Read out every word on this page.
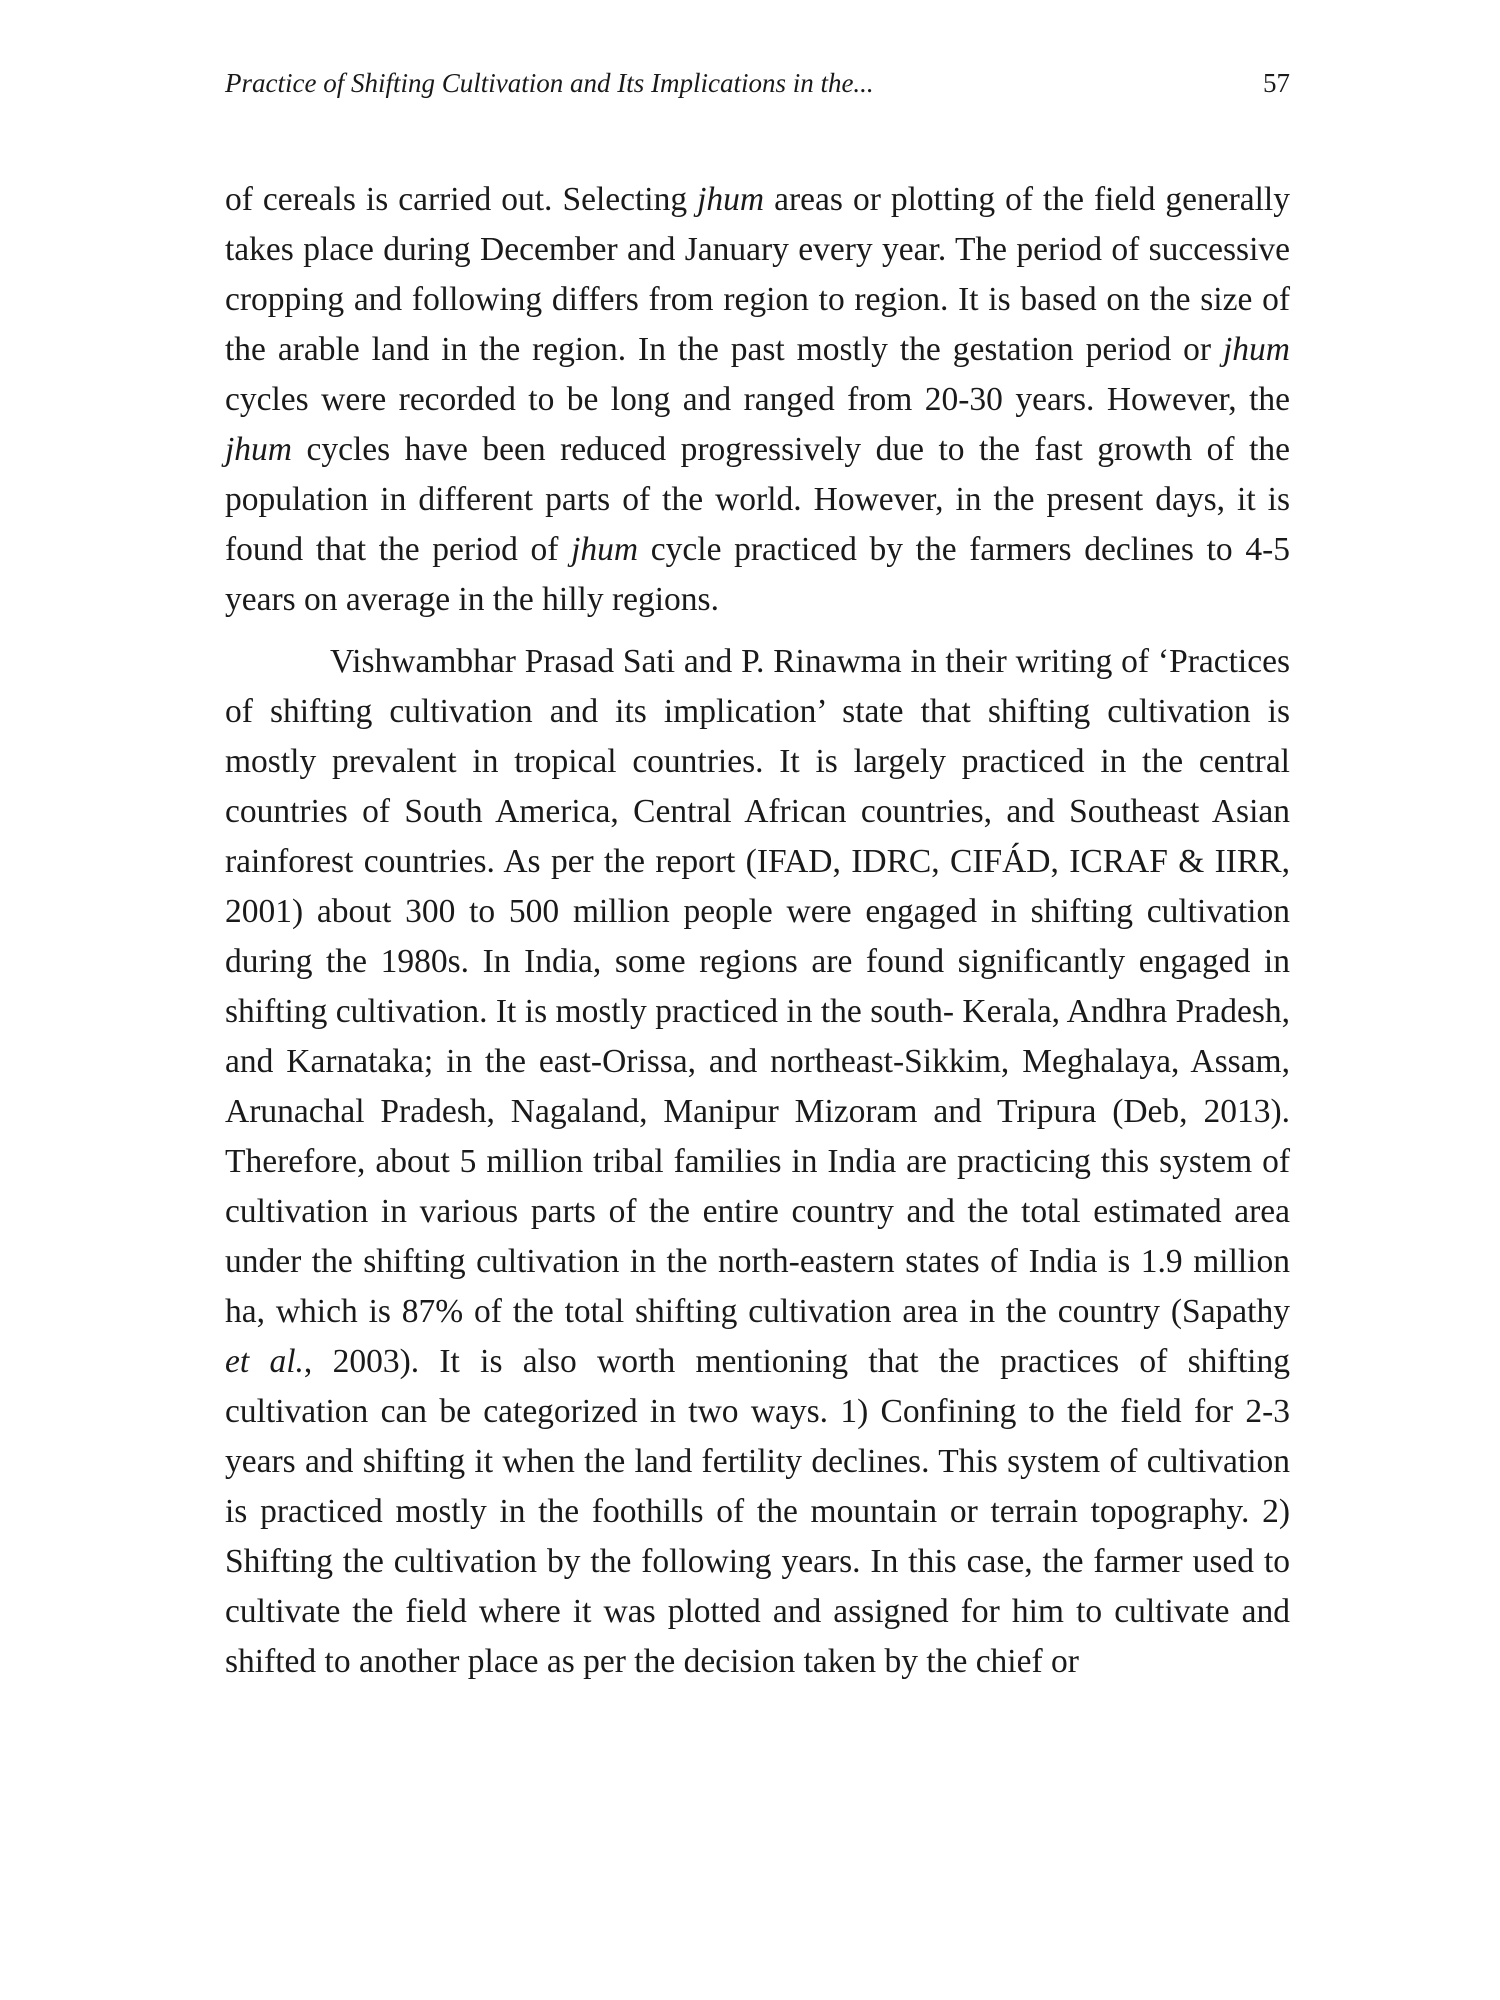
Practice of Shifting Cultivation and Its Implications in the...	57

of cereals is carried out. Selecting jhum areas or plotting of the field generally takes place during December and January every year. The period of successive cropping and following differs from region to region. It is based on the size of the arable land in the region. In the past mostly the gestation period or jhum cycles were recorded to be long and ranged from 20-30 years. However, the jhum cycles have been reduced progressively due to the fast growth of the population in different parts of the world. However, in the present days, it is found that the period of jhum cycle practiced by the farmers declines to 4-5 years on average in the hilly regions.

Vishwambhar Prasad Sati and P. Rinawma in their writing of ‘Practices of shifting cultivation and its implication’ state that shifting cultivation is mostly prevalent in tropical countries. It is largely practiced in the central countries of South America, Central African countries, and Southeast Asian rainforest countries. As per the report (IFAD, IDRC, CIFÁD, ICRAF & IIRR, 2001) about 300 to 500 million people were engaged in shifting cultivation during the 1980s. In India, some regions are found significantly engaged in shifting cultivation. It is mostly practiced in the south- Kerala, Andhra Pradesh, and Karnataka; in the east-Orissa, and northeast-Sikkim, Meghalaya, Assam, Arunachal Pradesh, Nagaland, Manipur Mizoram and Tripura (Deb, 2013). Therefore, about 5 million tribal families in India are practicing this system of cultivation in various parts of the entire country and the total estimated area under the shifting cultivation in the north-eastern states of India is 1.9 million ha, which is 87% of the total shifting cultivation area in the country (Sapathy et al., 2003). It is also worth mentioning that the practices of shifting cultivation can be categorized in two ways. 1) Confining to the field for 2-3 years and shifting it when the land fertility declines. This system of cultivation is practiced mostly in the foothills of the mountain or terrain topography. 2) Shifting the cultivation by the following years. In this case, the farmer used to cultivate the field where it was plotted and assigned for him to cultivate and shifted to another place as per the decision taken by the chief or
